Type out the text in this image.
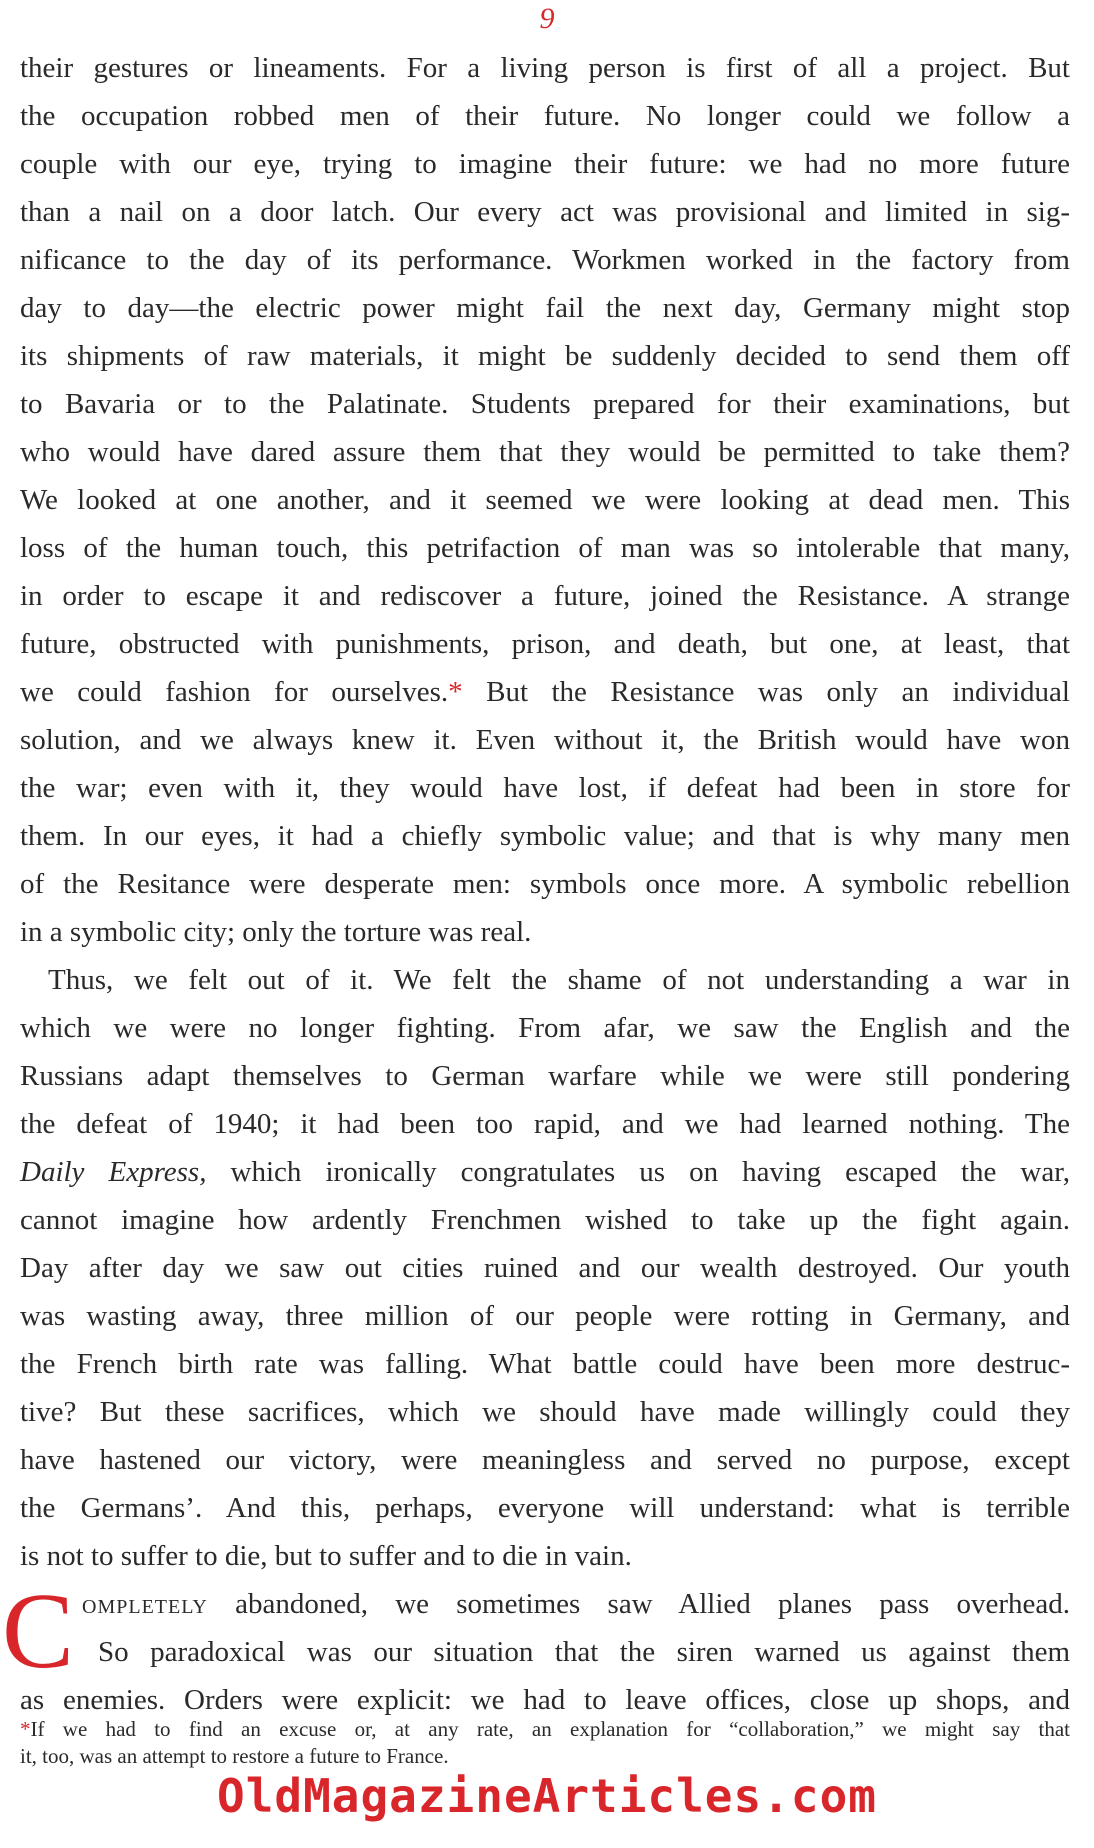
9

their gestures or lineaments. For a living person is first of all a project. But
the occupation robbed men of their future. No longer could we follow a
couple with our eye, trying to imagine their future: we had no more future
than a nail on a door latch. Our every act was provisional and limited in sig-
nificance to the day of its performance. Workmen worked in the factory from
day to day—the electric power might fail the next day, Germany might stop
its shipments of raw materials, it might be suddenly decided to send them off
to Bavaria or to the Palatinate. Students prepared for their examinations, but
who would have dared assure them that they would be permitted to take them?
We looked at one another, and it seemed we were looking at dead men. This
loss of the human touch, this petrifaction of man was so intolerable that many,
in order to escape it and rediscover a future, joined the Resistance. A strange
future, obstructed with punishments, prison, and death, but one, at least, that
we could fashion for ourselves.* But the Resistance was only an individual
solution, and we always knew it. Even without it, the British would have won
the war; even with it, they would have lost, if defeat had been in store for
them. In our eyes, it had a chiefly symbolic value; and that is why many men
of the Resitance were desperate men: symbols once more. A symbolic rebellion
in a symbolic city; only the torture was real.

Thus, we felt out of it. We felt the shame of not understanding a war in
which we were no longer fighting. From afar, we saw the English and the
Russians adapt themselves to German warfare while we were still pondering
the defeat of 1940; it had been too rapid, and we had learned nothing. The
Daily Express, which ironically congratulates us on having escaped the war,
cannot imagine how ardently Frenchmen wished to take up the fight again.
Day after day we saw out cities ruined and our wealth destroyed. Our youth
was wasting away, three million of our people were rotting in Germany, and
the French birth rate was falling. What battle could have been more destruc-
tive? But these sacrifices, which we should have made willingly could they
have hastened our victory, were meaningless and served no purpose, except
the Germans’. And this, perhaps, everyone will understand: what is terrible
is not to suffer to die, but to suffer and to die in vain.

ompletely abandoned, we sometimes saw Allied planes pass overhead.
So paradoxical was our situation that the siren warned us against them
as enemies. Orders were explicit: we had to leave offices, close up shops, and

C
*If we had to find an excuse or, at any rate, an explanation for “collaboration,” we might say that
it, too, was an attempt to restore a future to France.
OldMagazineArticles.com
